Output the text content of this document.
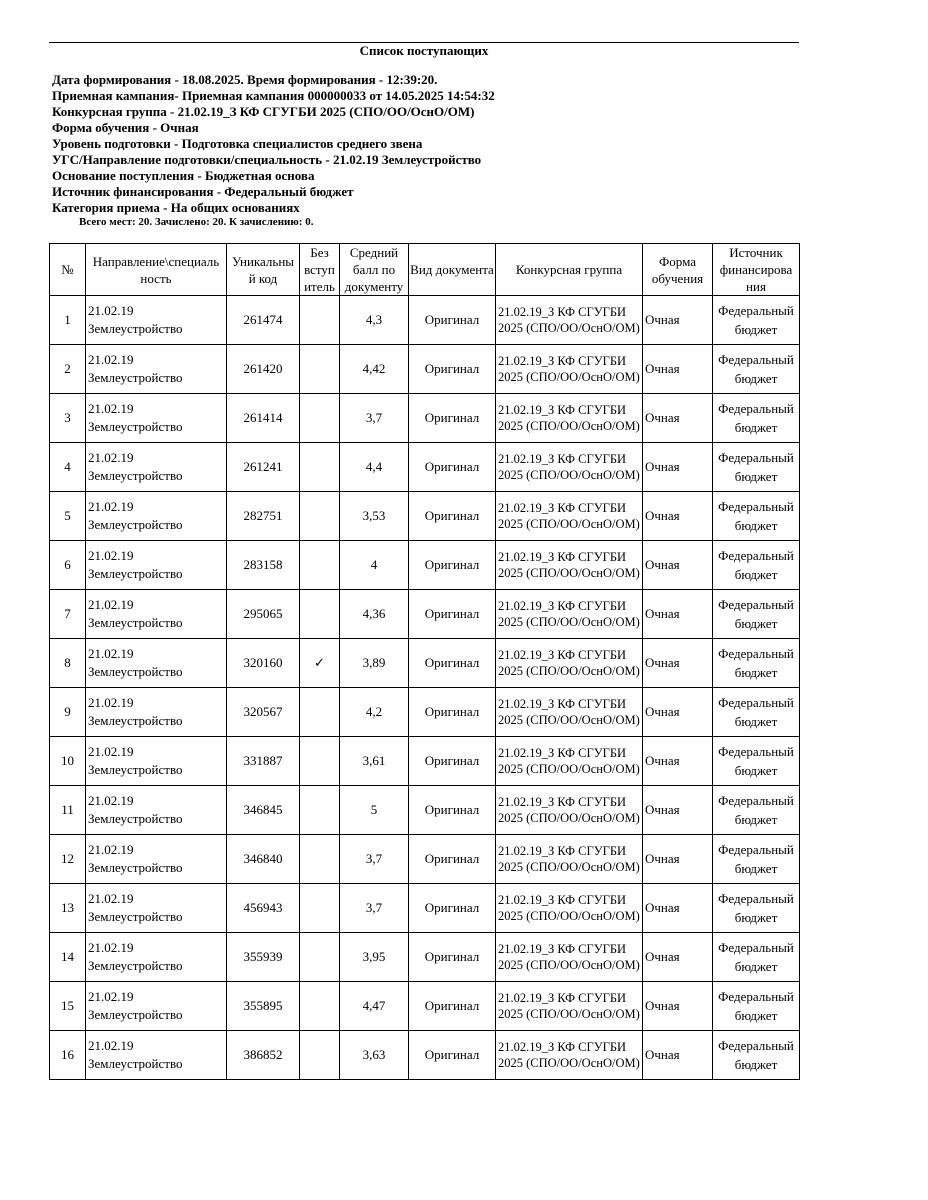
Список поступающих
Дата формирования - 18.08.2025. Время формирования - 12:39:20.
Приемная кампания- Приемная кампания 000000033 от 14.05.2025 14:54:32
Конкурсная группа - 21.02.19_З КФ СГУГБИ 2025 (СПО/ОО/ОснО/ОМ)
Форма обучения - Очная
Уровень подготовки - Подготовка специалистов среднего звена
УГС/Направление подготовки/специальность - 21.02.19 Землеустройство
Основание поступления - Бюджетная основа
Источник финансирования - Федеральный бюджет
Категория приема - На общих основаниях
Всего мест: 20. Зачислено: 20. К зачислению: 0.
№	Направление\специаль ность	Уникальны й код	Без вступ итель	Средний балл по документу	Вид документа	Конкурсная группа	Форма обучения	Источник финансирова ния
1	21.02.19 Землеустройство	261474		4,3	Оригинал	21.02.19_З КФ СГУГБИ 2025 (СПО/ОО/ОснО/ОМ)	Очная	Федеральный бюджет
2	21.02.19 Землеустройство	261420		4,42	Оригинал	21.02.19_З КФ СГУГБИ 2025 (СПО/ОО/ОснО/ОМ)	Очная	Федеральный бюджет
3	21.02.19 Землеустройство	261414		3,7	Оригинал	21.02.19_З КФ СГУГБИ 2025 (СПО/ОО/ОснО/ОМ)	Очная	Федеральный бюджет
4	21.02.19 Землеустройство	261241		4,4	Оригинал	21.02.19_З КФ СГУГБИ 2025 (СПО/ОО/ОснО/ОМ)	Очная	Федеральный бюджет
5	21.02.19 Землеустройство	282751		3,53	Оригинал	21.02.19_З КФ СГУГБИ 2025 (СПО/ОО/ОснО/ОМ)	Очная	Федеральный бюджет
6	21.02.19 Землеустройство	283158		4	Оригинал	21.02.19_З КФ СГУГБИ 2025 (СПО/ОО/ОснО/ОМ)	Очная	Федеральный бюджет
7	21.02.19 Землеустройство	295065		4,36	Оригинал	21.02.19_З КФ СГУГБИ 2025 (СПО/ОО/ОснО/ОМ)	Очная	Федеральный бюджет
8	21.02.19 Землеустройство	320160	✓	3,89	Оригинал	21.02.19_З КФ СГУГБИ 2025 (СПО/ОО/ОснО/ОМ)	Очная	Федеральный бюджет
9	21.02.19 Землеустройство	320567		4,2	Оригинал	21.02.19_З КФ СГУГБИ 2025 (СПО/ОО/ОснО/ОМ)	Очная	Федеральный бюджет
10	21.02.19 Землеустройство	331887		3,61	Оригинал	21.02.19_З КФ СГУГБИ 2025 (СПО/ОО/ОснО/ОМ)	Очная	Федеральный бюджет
11	21.02.19 Землеустройство	346845		5	Оригинал	21.02.19_З КФ СГУГБИ 2025 (СПО/ОО/ОснО/ОМ)	Очная	Федеральный бюджет
12	21.02.19 Землеустройство	346840		3,7	Оригинал	21.02.19_З КФ СГУГБИ 2025 (СПО/ОО/ОснО/ОМ)	Очная	Федеральный бюджет
13	21.02.19 Землеустройство	456943		3,7	Оригинал	21.02.19_З КФ СГУГБИ 2025 (СПО/ОО/ОснО/ОМ)	Очная	Федеральный бюджет
14	21.02.19 Землеустройство	355939		3,95	Оригинал	21.02.19_З КФ СГУГБИ 2025 (СПО/ОО/ОснО/ОМ)	Очная	Федеральный бюджет
15	21.02.19 Землеустройство	355895		4,47	Оригинал	21.02.19_З КФ СГУГБИ 2025 (СПО/ОО/ОснО/ОМ)	Очная	Федеральный бюджет
16	21.02.19 Землеустройство	386852		3,63	Оригинал	21.02.19_З КФ СГУГБИ 2025 (СПО/ОО/ОснО/ОМ)	Очная	Федеральный бюджет
